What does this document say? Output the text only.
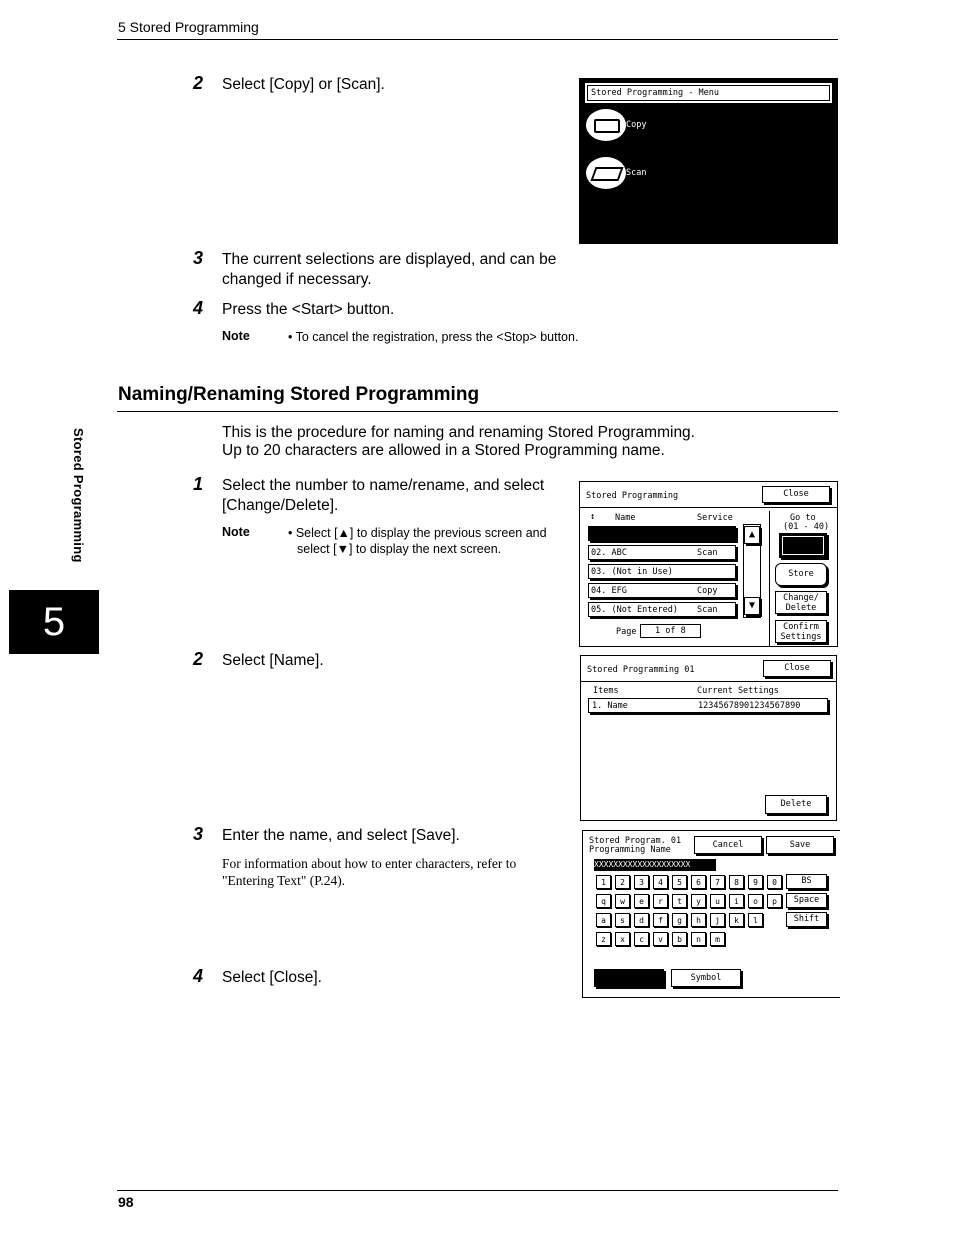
5 Stored Programming
Stored Programming
5
2 Select [Copy] or [Scan].
3 The current selections are displayed, and can be changed if necessary.
4 Press the <Start> button.
Note	• To cancel the registration, press the <Stop> button.
Stored Programming - Menu
Copy
Scan
Naming/Renaming Stored Programming
This is the procedure for naming and renaming Stored Programming.
Up to 20 characters are allowed in a Stored Programming name.
1 Select the number to name/rename, and select [Change/Delete].
Note	• Select [▲] to display the previous screen and select [▼] to display the next screen.
2 Select [Name].
3 Enter the name, and select [Save].
For information about how to enter characters, refer to "Entering Text" (P.24).
4 Select [Close].
Stored Programming	Close
↕ Name	Service
02. ABC	Scan
03. (Not in Use)
04. EFG	Copy
05. (Not Entered) Scan
▲
▼
Page 1 of 8
Go to
(01 - 40)
Store
Change/
Delete
Confirm
Settings
Stored Programming 01	Close
Items	Current Settings
1. Name	12345678901234567890
Delete
Stored Program. 01
Programming Name	Cancel	Save
XXXXXXXXXXXXXXXXXXXX
1	2	3	4	5	6	7	8	9	0
q	w	e	r	t	y	u	i	o	p
a	s	d	f	g	h	j	k	l
z	x	c	v	b	n	m
BS
Space
Shift
Symbol
98
